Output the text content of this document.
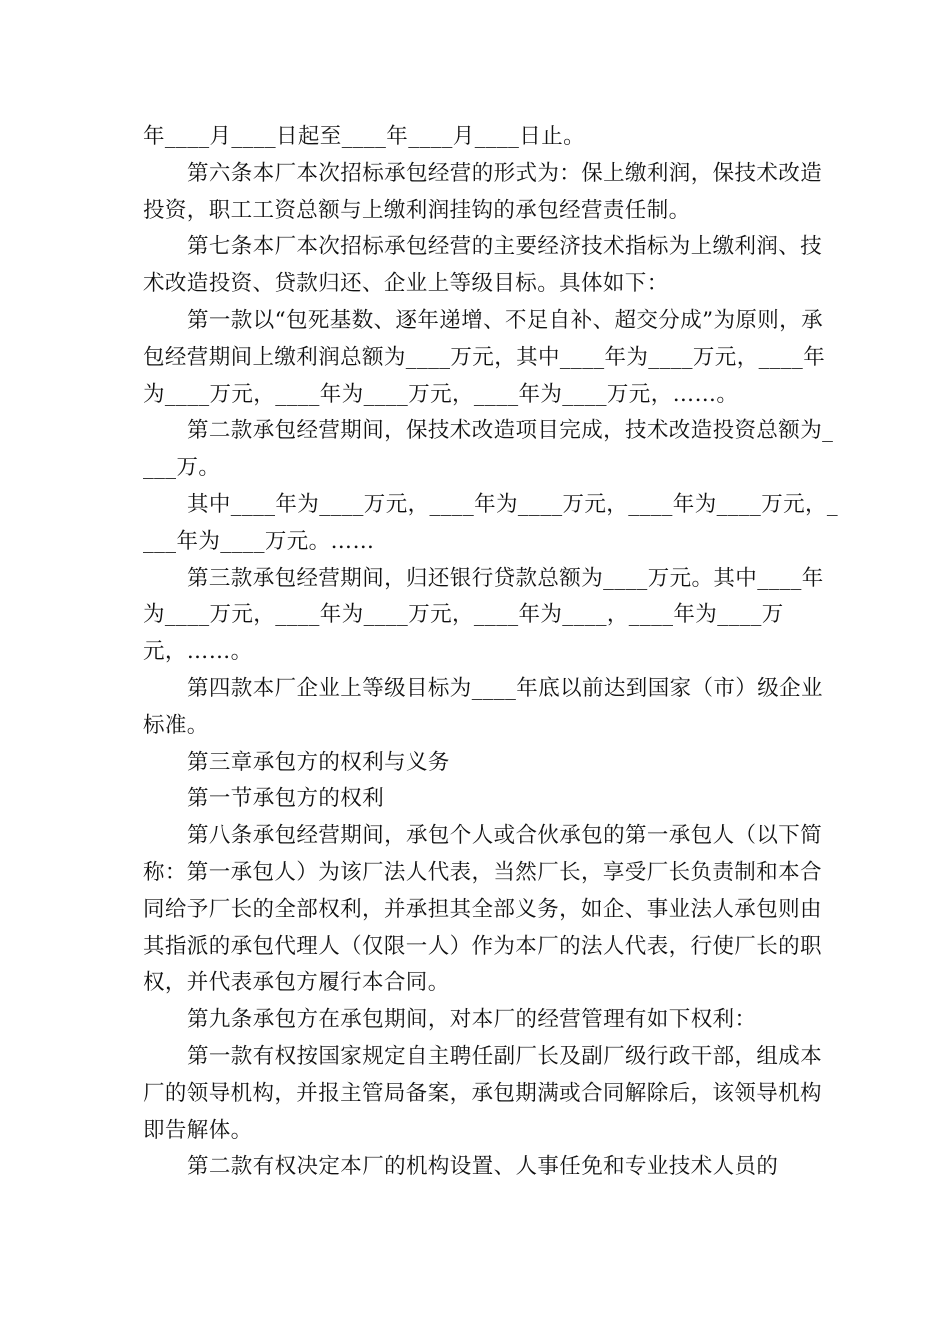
年____月____日起至____年____月____日止。

第六条本厂本次招标承包经营的形式为：保上缴利润，保技术改造投资，职工工资总额与上缴利润挂钩的承包经营责任制。

第七条本厂本次招标承包经营的主要经济技术指标为上缴利润、技术改造投资、贷款归还、企业上等级目标。具体如下：

第一款以“包死基数、逐年递增、不足自补、超交分成”为原则，承包经营期间上缴利润总额为____万元，其中____年为____万元，____年为____万元，____年为____万元，____年为____万元，……。

第二款承包经营期间，保技术改造项目完成，技术改造投资总额为____万。

其中____年为____万元，____年为____万元，____年为____万元，____年为____万元。……

第三款承包经营期间，归还银行贷款总额为____万元。其中____年为____万元，____年为____万元，____年为____，____年为____万元，……。

第四款本厂企业上等级目标为____年底以前达到国家（市）级企业标准。

第三章承包方的权利与义务

第一节承包方的权利

第八条承包经营期间，承包个人或合伙承包的第一承包人（以下简称：第一承包人）为该厂法人代表，当然厂长，享受厂长负责制和本合同给予厂长的全部权利，并承担其全部义务，如企、事业法人承包则由其指派的承包代理人（仅限一人）作为本厂的法人代表，行使厂长的职权，并代表承包方履行本合同。

第九条承包方在承包期间，对本厂的经营管理有如下权利：

第一款有权按国家规定自主聘任副厂长及副厂级行政干部，组成本厂的领导机构，并报主管局备案，承包期满或合同解除后，该领导机构即告解体。

第二款有权决定本厂的机构设置、人事任免和专业技术人员的
